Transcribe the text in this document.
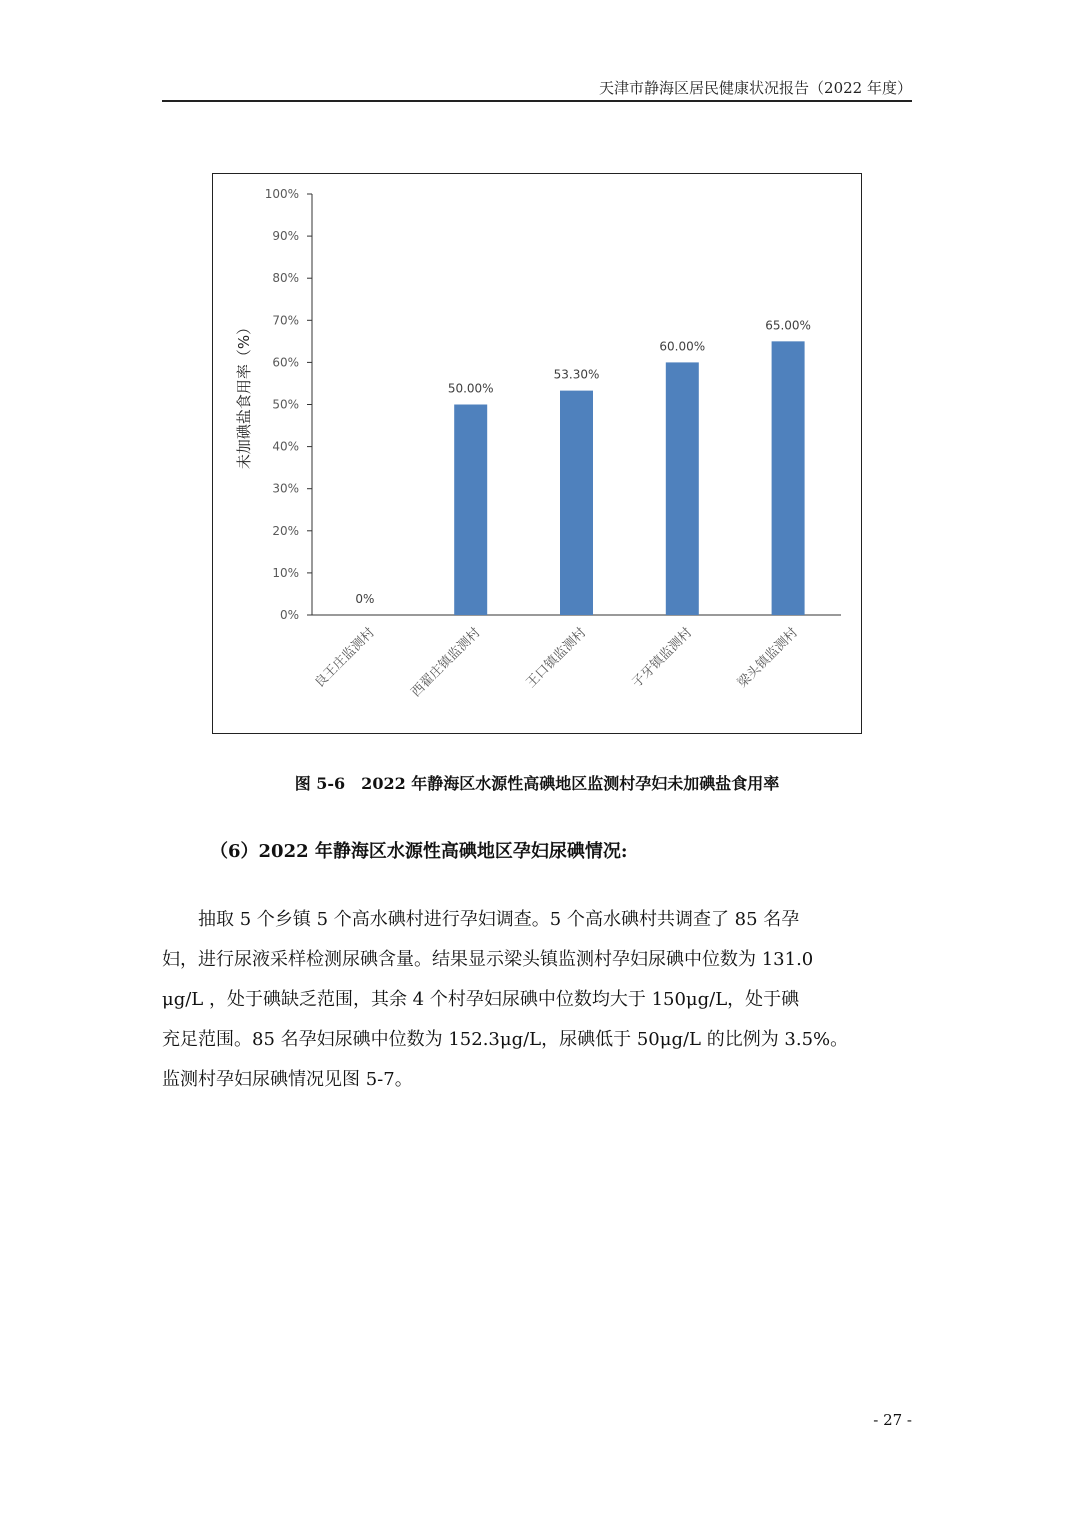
天津市静海区居民健康状况报告（2022 年度）
0%
10%
20%
30%
40%
50%
60%
70%
80%
90%
100%
0%
良王庄监测村
50.00%
西翟庄镇监测村
53.30%
王口镇监测村
60.00%
子牙镇监测村
65.00%
梁头镇监测村
未加碘盐食用率（%）
图 5-6　2022 年静海区水源性高碘地区监测村孕妇未加碘盐食用率
（6）2022 年静海区水源性高碘地区孕妇尿碘情况:

抽取 5 个乡镇 5 个高水碘村进行孕妇调查。5 个高水碘村共调查了 85 名孕

妇，进行尿液采样检测尿碘含量。结果显示梁头镇监测村孕妇尿碘中位数为 131.0

μg/L ，处于碘缺乏范围，其余 4 个村孕妇尿碘中位数均大于 150μg/L，处于碘

充足范围。85 名孕妇尿碘中位数为 152.3μg/L，尿碘低于 50μg/L 的比例为 3.5%。

监测村孕妇尿碘情况见图 5-7。

- 27 -
